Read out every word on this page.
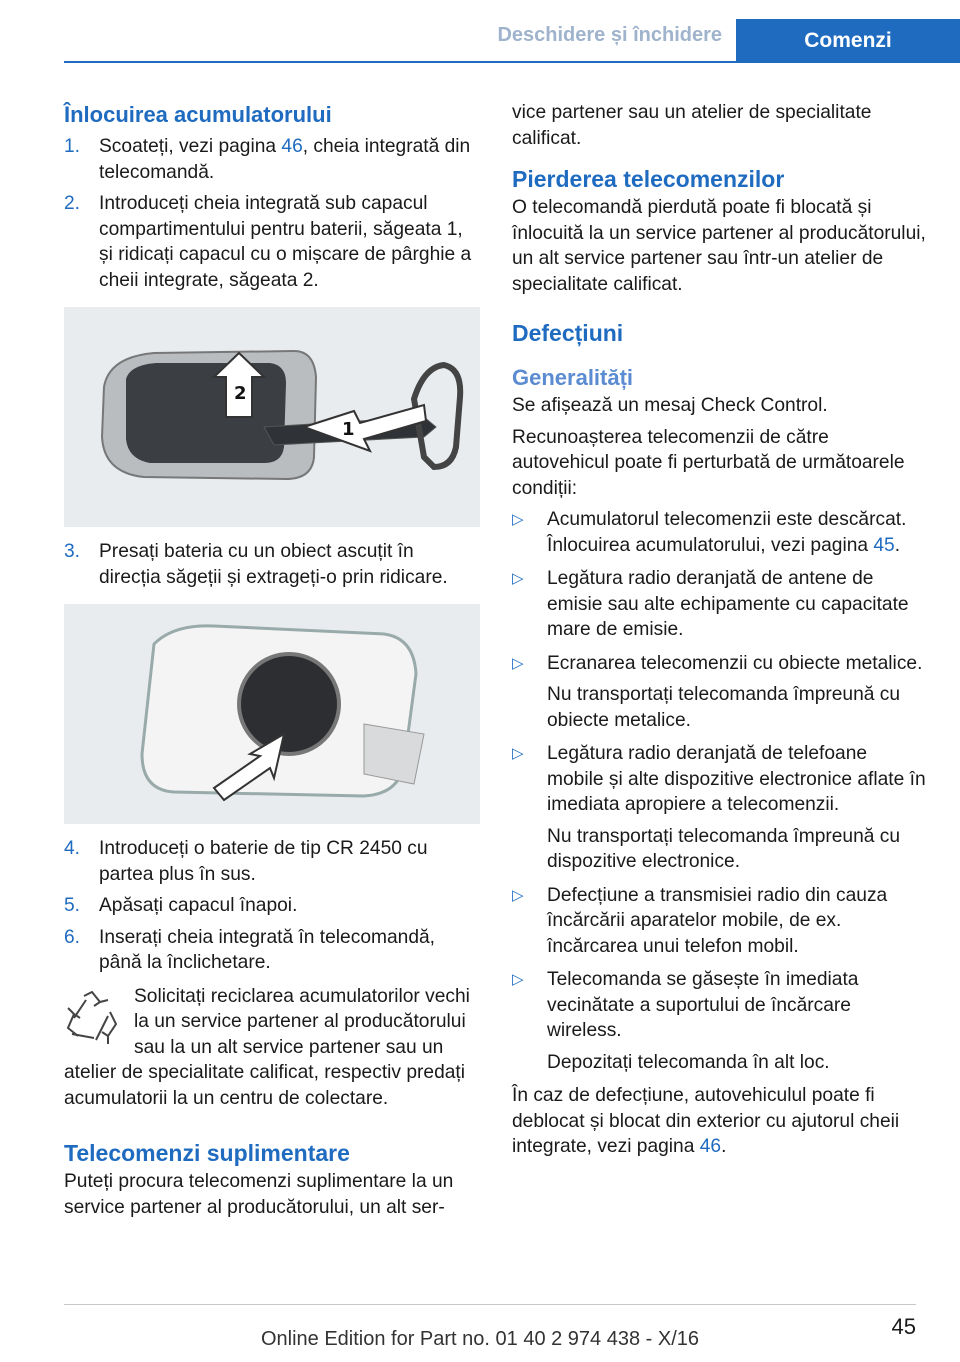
Deschidere și închidere	Comenzi
Înlocuirea acumulatorului
1. Scoateți, vezi pagina 46, cheia integrată din telecomandă.
2. Introduceți cheia integrată sub capacul compartimentului pentru baterii, săgeata 1, și ridicați capacul cu o mișcare de pârghie a cheii integrate, săgeata 2.
2
1
3. Presați bateria cu un obiect ascuțit în direcția săgeții și extrageți-o prin ridicare.
4. Introduceți o baterie de tip CR 2450 cu partea plus în sus.
5. Apăsați capacul înapoi.
6. Inserați cheia integrată în telecomandă, până la înclichetare.
Solicitați reciclarea acumulatorilor vechi la un service partener al producătorului sau la un alt service partener sau un atelier de specialitate calificat, respectiv predați acumulatorii la un centru de colectare.
Telecomenzi suplimentare

Puteți procura telecomenzi suplimentare la un service partener al producătorului, un alt ser-

vice partener sau un atelier de specialitate calificat.

Pierderea telecomenzilor

O telecomandă pierdută poate fi blocată și înlocuită la un service partener al producătorului, un alt service partener sau într-un atelier de specialitate calificat.

Defecțiuni
Generalități

Se afișează un mesaj Check Control.

Recunoașterea telecomenzii de către autovehicul poate fi perturbată de următoarele condiții:

▷ Acumulatorul telecomenzii este descărcat. Înlocuirea acumulatorului, vezi pagina 45.
▷ Legătura radio deranjată de antene de emisie sau alte echipamente cu capacitate mare de emisie.
▷ Ecranarea telecomenzii cu obiecte metalice.
Nu transportați telecomanda împreună cu obiecte metalice.
▷ Legătura radio deranjată de telefoane mobile și alte dispozitive electronice aflate în imediata apropiere a telecomenzii.
Nu transportați telecomanda împreună cu dispozitive electronice.
▷ Defecțiune a transmisiei radio din cauza încărcării aparatelor mobile, de ex. încărcarea unui telefon mobil.
▷ Telecomanda se găsește în imediata vecinătate a suportului de încărcare wireless.
Depozitați telecomanda în alt loc.

În caz de defecțiune, autovehiculul poate fi deblocat și blocat din exterior cu ajutorul cheii integrate, vezi pagina 46.

45
Online Edition for Part no. 01 40 2 974 438 - X/16
